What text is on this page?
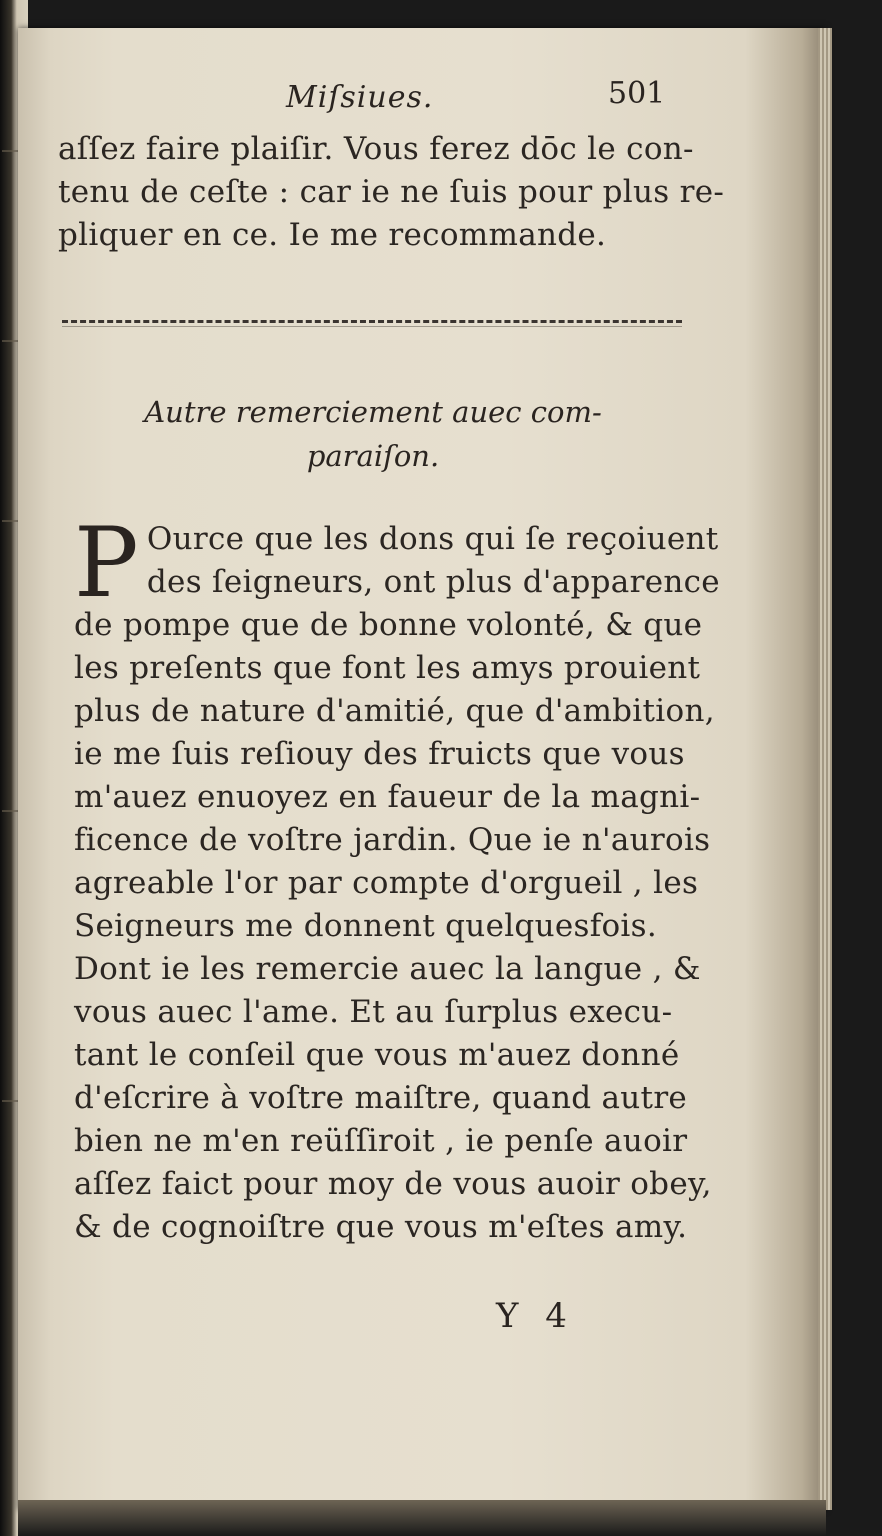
Miſsiues.	501
aſſez faire plaiſir. Vous ferez dōc le con-
tenu de ceſte : car ie ne ſuis pour plus re-
pliquer en ce. Ie me recommande.
Autre remerciement auec com-
paraiſon.
P Ource que les dons qui ſe reçoiuent
des ſeigneurs, ont plus d'apparence
de pompe que de bonne volonté, & que
les preſents que font les amys prouient
plus de nature d'amitié, que d'ambition,
ie me ſuis reſiouy des fruicts que vous
m'auez enuoyez en faueur de la magni-
ficence de voſtre jardin. Que ie n'aurois
agreable l'or par compte d'orgueil , les
Seigneurs me donnent quelquesfois.
Dont ie les remercie auec la langue , &
vous auec l'ame. Et au ſurplus execu-
tant le conſeil que vous m'auez donné
d'eſcrire à voſtre maiſtre, quand autre
bien ne m'en reüſſiroit , ie penſe auoir
aſſez faict pour moy de vous auoir obey,
& de cognoiſtre que vous m'eſtes amy.
Y 4
